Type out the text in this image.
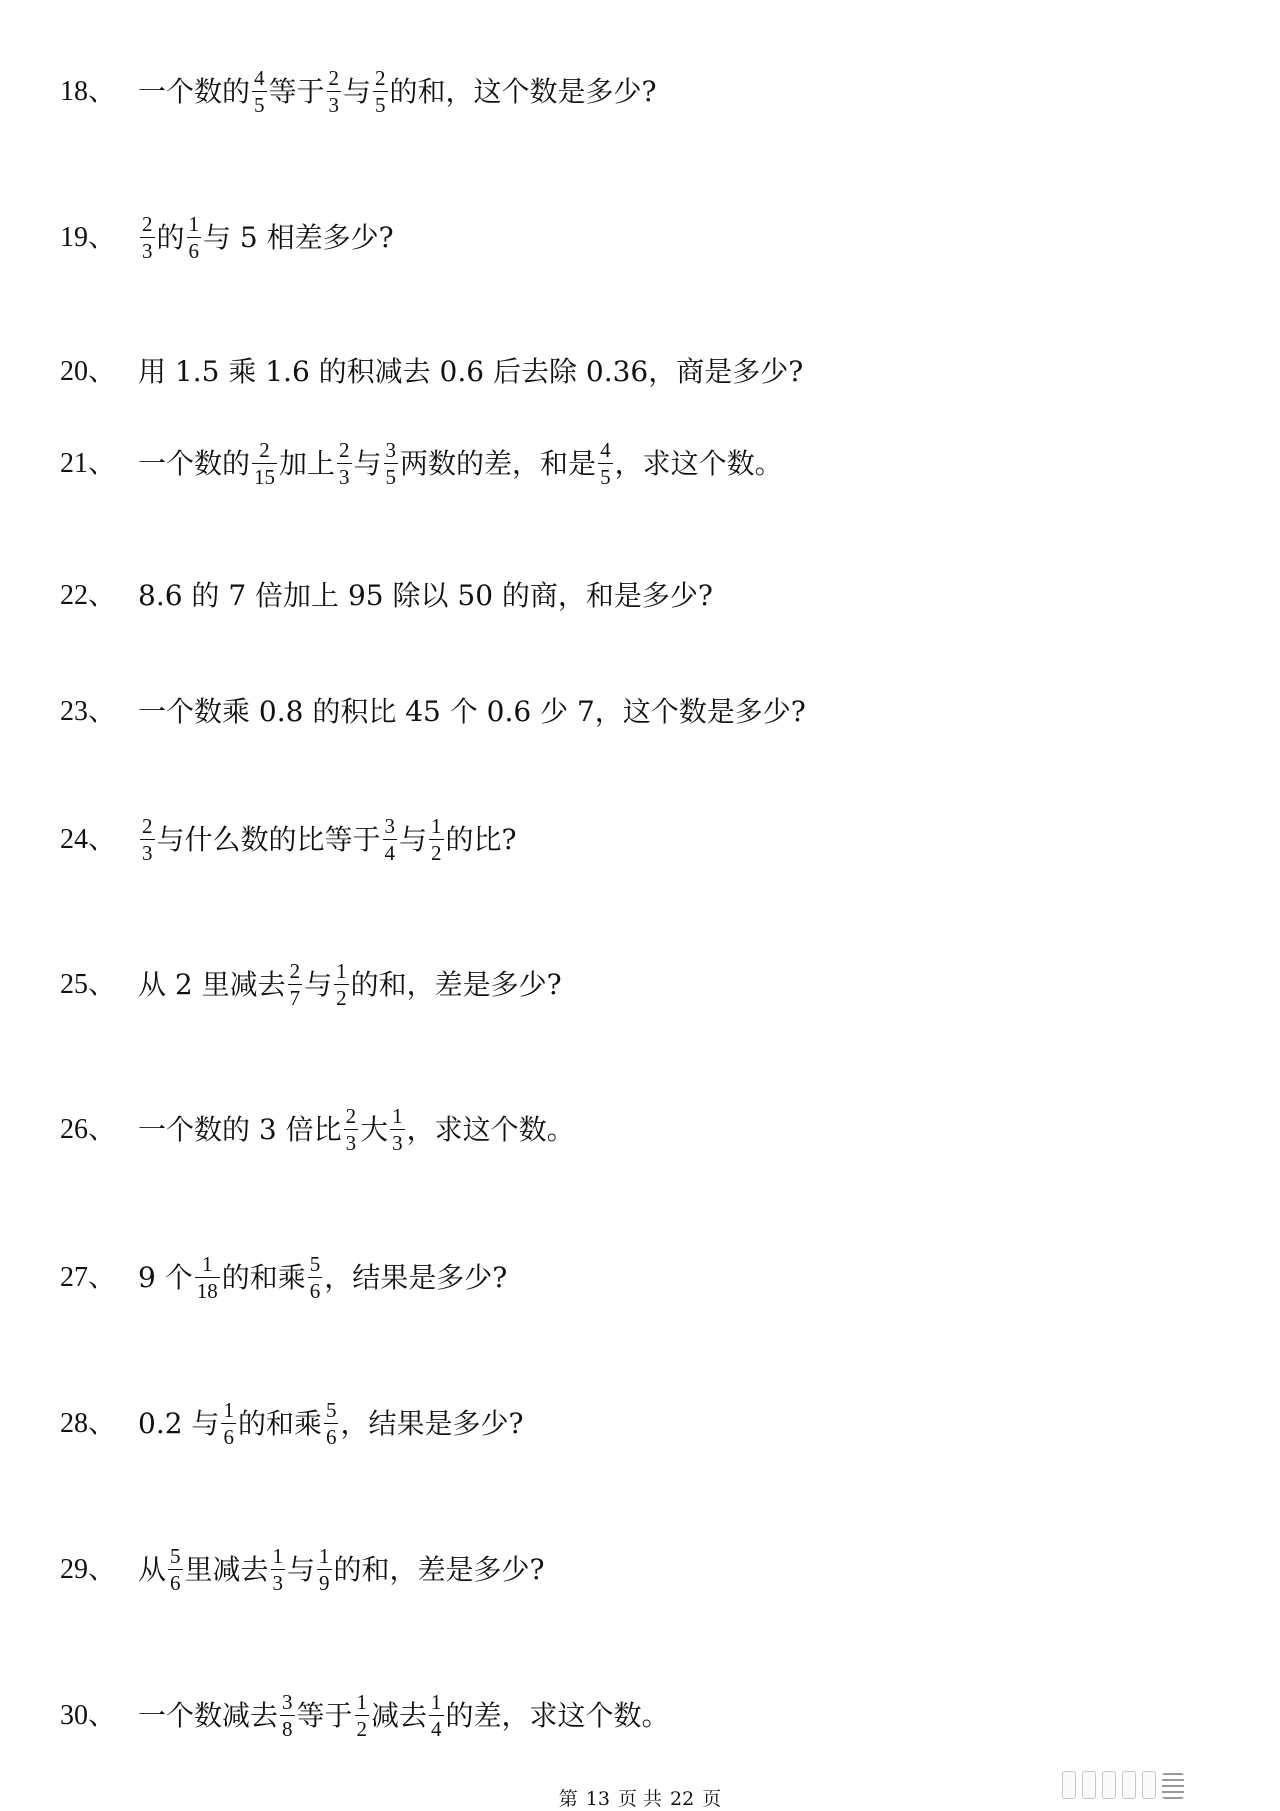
18、 一个数的 $\frac{4}{5}$ 等于 $\frac{2}{3}$ 与 $\frac{2}{5}$ 的和，这个数是多少?
19、 $\frac{2}{3}$ 的 $\frac{1}{6}$ 与 5 相差多少?
20、 用 1.5 乘 1.6 的积减去 0.6 后去除 0.36，商是多少?
21、 一个数的 $\frac{2}{15}$ 加上 $\frac{2}{3}$ 与 $\frac{3}{5}$ 两数的差，和是 $\frac{4}{5}$ ，求这个数。
22、 8.6 的 7 倍加上 95 除以 50 的商，和是多少?
23、 一个数乘 0.8 的积比 45 个 0.6 少 7，这个数是多少?
24、 $\frac{2}{3}$ 与什么数的比等于 $\frac{3}{4}$ 与 $\frac{1}{2}$ 的比?
25、 从 2 里减去 $\frac{2}{7}$ 与 $\frac{1}{2}$ 的和，差是多少?
26、 一个数的 3 倍比 $\frac{2}{3}$ 大 $\frac{1}{3}$ ，求这个数。
27、 9 个 $\frac{1}{18}$ 的和乘 $\frac{5}{6}$ ，结果是多少?
28、 0.2 与 $\frac{1}{6}$ 的和乘 $\frac{5}{6}$ ，结果是多少?
29、 从 $\frac{5}{6}$ 里减去 $\frac{1}{3}$ 与 $\frac{1}{9}$ 的和，差是多少?
30、 一个数减去 $\frac{3}{8}$ 等于 $\frac{1}{2}$ 减去 $\frac{1}{4}$ 的差，求这个数。
第 13 页 共 22 页
